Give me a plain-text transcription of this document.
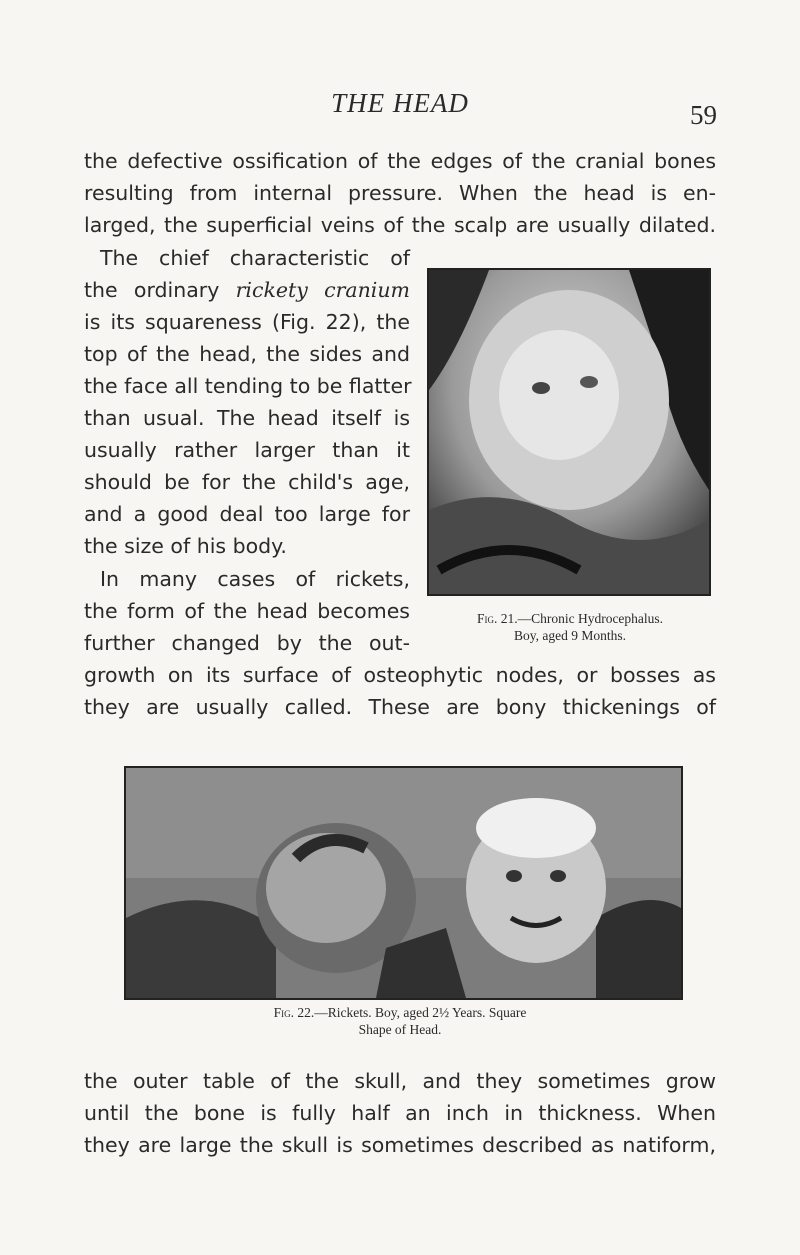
THE HEAD	59
the defective ossification of the edges of the cranial bones
resulting from internal pressure. When the head is en-
larged, the superficial veins of the scalp are usually dilated.
The chief characteristic of
the ordinary rickety cranium
is its squareness (Fig. 22), the
top of the head, the sides and
the face all tending to be flatter
than usual. The head itself is
usually rather larger than it
should be for the child's age,
and a good deal too large for
the size of his body.
In many cases of rickets,
the form of the head becomes
further changed by the out-
growth on its surface of osteophytic nodes, or bosses as
they are usually called. These are bony thickenings of
Fig. 21.—Chronic Hydrocephalus.
Boy, aged 9 Months.
Fig. 22.—Rickets. Boy, aged 2½ Years. Square
Shape of Head.
the outer table of the skull, and they sometimes grow
until the bone is fully half an inch in thickness. When
they are large the skull is sometimes described as natiform,
